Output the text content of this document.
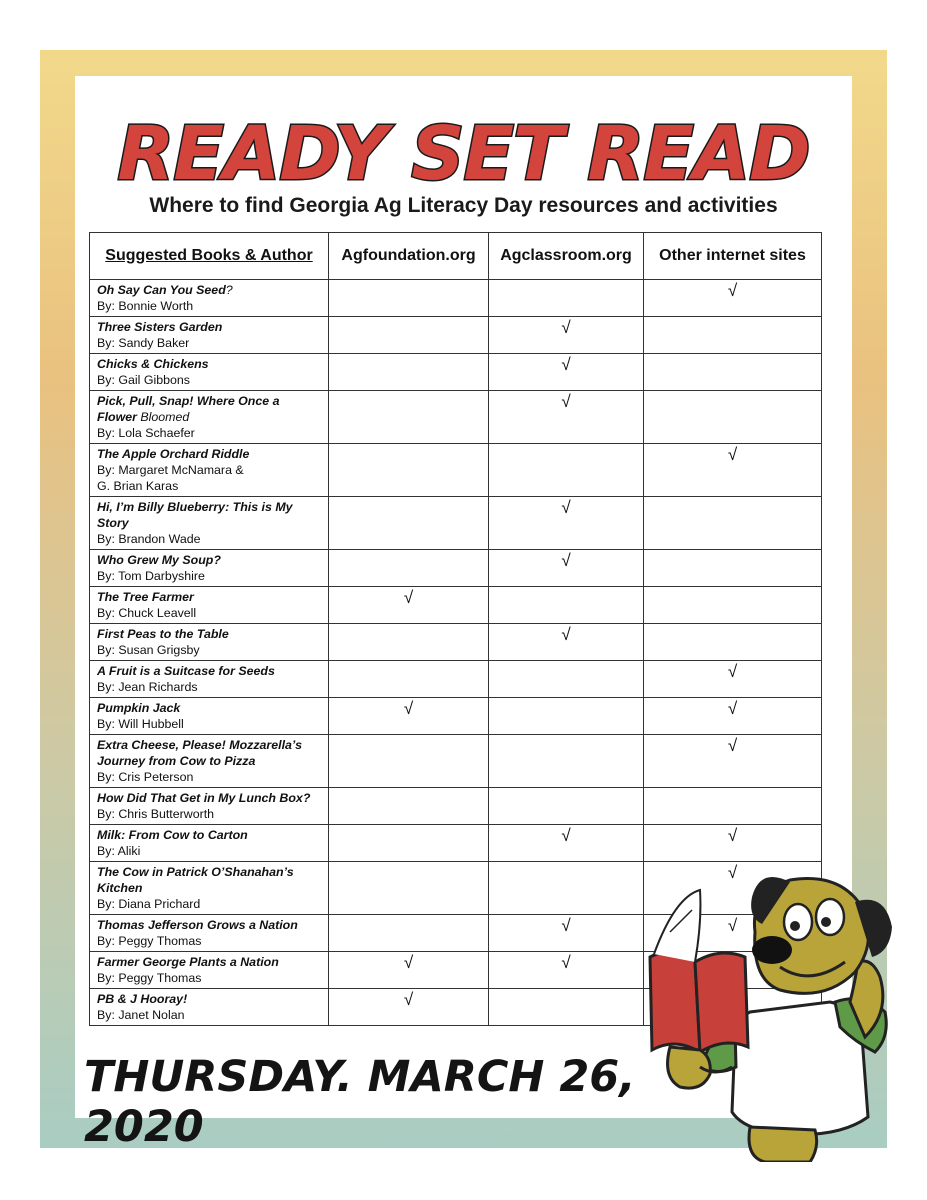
READY SET READ

Where to find Georgia Ag Literacy Day resources and activities

Suggested Books & Author	Agfoundation.org	Agclassroom.org	Other internet sites
Oh Say Can You Seed?
By: Bonnie Worth			√
Three Sisters Garden
By: Sandy Baker		√	
Chicks & Chickens
By: Gail Gibbons		√	
Pick, Pull, Snap! Where Once a Flower Bloomed
By: Lola Schaefer		√	
The Apple Orchard Riddle
By: Margaret McNamara &
G. Brian Karas			√
Hi, I’m Billy Blueberry: This is My Story
By: Brandon Wade		√	
Who Grew My Soup?
By: Tom Darbyshire		√	
The Tree Farmer
By: Chuck Leavell	√		
First Peas to the Table
By: Susan Grigsby		√	
A Fruit is a Suitcase for Seeds
By: Jean Richards			√
Pumpkin Jack
By: Will Hubbell	√		√
Extra Cheese, Please! Mozzarella’s Journey from Cow to Pizza
By: Cris Peterson			√
How Did That Get in My Lunch Box?
By: Chris Butterworth			

Milk: From Cow to Carton
By: Aliki		√	√
The Cow in Patrick O’Shanahan’s Kitchen
By: Diana Prichard			√
Thomas Jefferson Grows a Nation
By: Peggy Thomas		√	√
Farmer George Plants a Nation
By: Peggy Thomas	√	√	
PB & J Hooray!
By: Janet Nolan	√		

THURSDAY. MARCH 26, 2020
